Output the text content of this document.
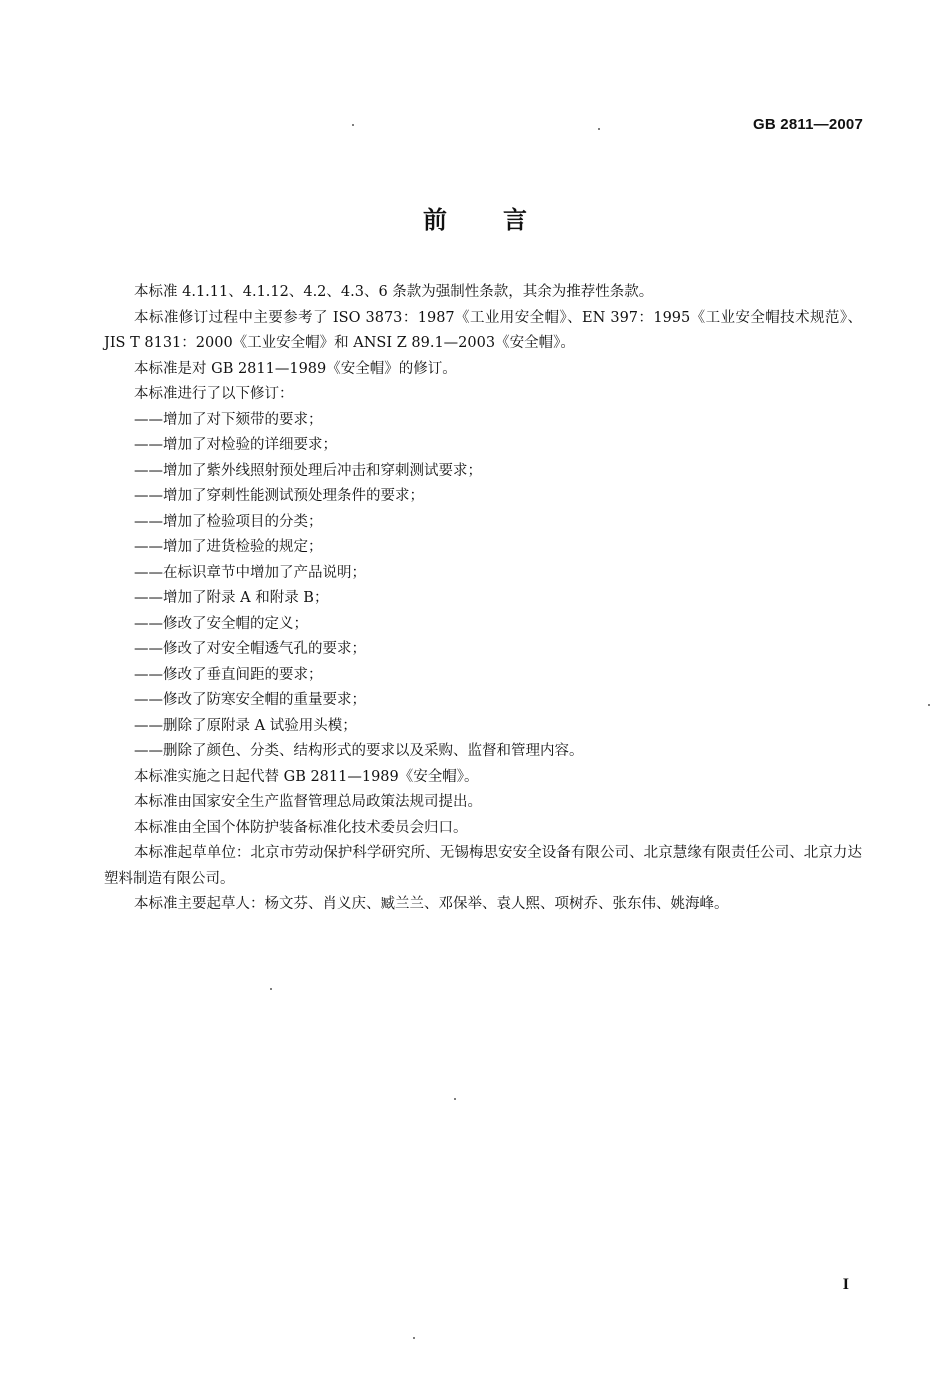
GB 2811—2007
前 言

本标准 4.1.11、4.1.12、4.2、4.3、6 条款为强制性条款，其余为推荐性条款。

本标准修订过程中主要参考了 ISO 3873：1987《工业用安全帽》、EN 397：1995《工业安全帽技术规范》、JIS T 8131：2000《工业安全帽》和 ANSI Z 89.1—2003《安全帽》。

本标准是对 GB 2811—1989《安全帽》的修订。

本标准进行了以下修订：

——增加了对下颏带的要求；

——增加了对检验的详细要求；

——增加了紫外线照射预处理后冲击和穿刺测试要求；

——增加了穿刺性能测试预处理条件的要求；

——增加了检验项目的分类；

——增加了进货检验的规定；

——在标识章节中增加了产品说明；

——增加了附录 A 和附录 B；

——修改了安全帽的定义；

——修改了对安全帽透气孔的要求；

——修改了垂直间距的要求；

——修改了防寒安全帽的重量要求；

——删除了原附录 A 试验用头模；

——删除了颜色、分类、结构形式的要求以及采购、监督和管理内容。

本标准实施之日起代替 GB 2811—1989《安全帽》。

本标准由国家安全生产监督管理总局政策法规司提出。

本标准由全国个体防护装备标准化技术委员会归口。

本标准起草单位：北京市劳动保护科学研究所、无锡梅思安安全设备有限公司、北京慧缘有限责任公司、北京力达塑料制造有限公司。

本标准主要起草人：杨文芬、肖义庆、臧兰兰、邓保举、袁人熙、项树乔、张东伟、姚海峰。

I
